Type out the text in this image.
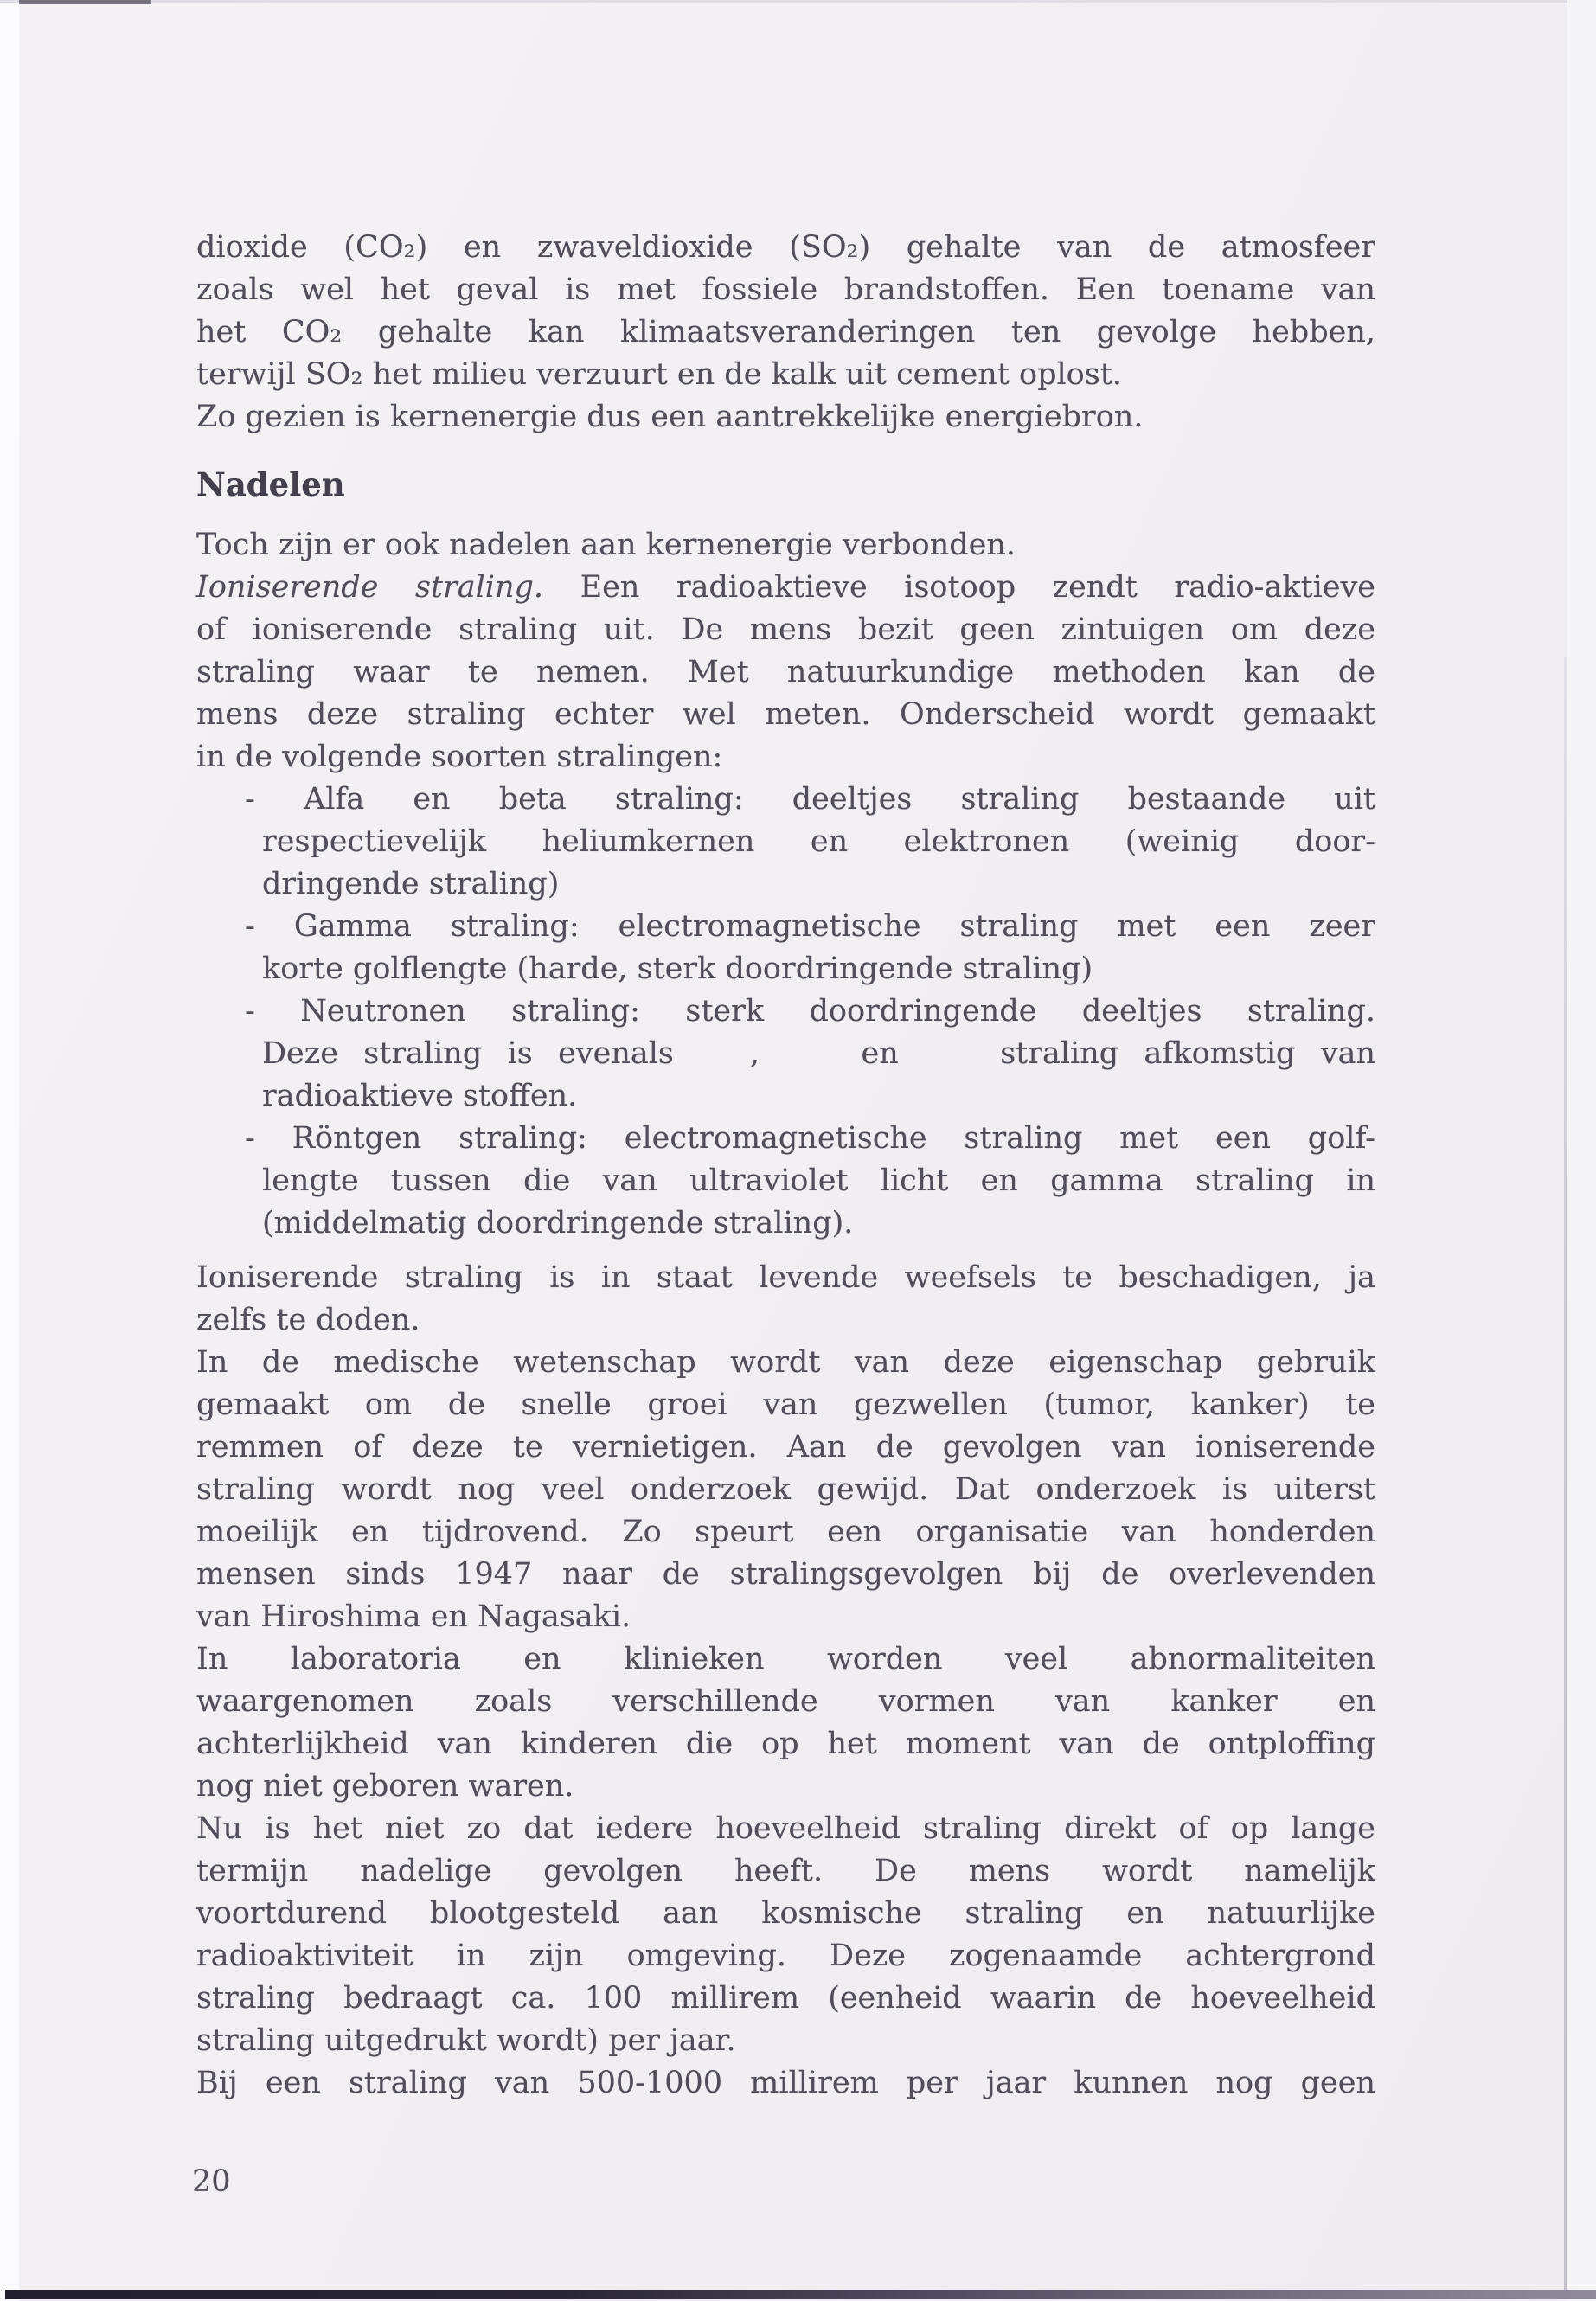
dioxide (CO₂) en zwaveldioxide (SO₂) gehalte van de atmosfeer
zoals wel het geval is met fossiele brandstoffen. Een toename van
het CO₂ gehalte kan klimaatsveranderingen ten gevolge hebben,
terwijl SO₂ het milieu verzuurt en de kalk uit cement oplost.
Zo gezien is kernenergie dus een aantrekkelijke energiebron.
Nadelen
Toch zijn er ook nadelen aan kernenergie verbonden.
Ioniserende straling. Een radioaktieve isotoop zendt radio-aktieve
of ioniserende straling uit. De mens bezit geen zintuigen om deze
straling waar te nemen. Met natuurkundige methoden kan de
mens deze straling echter wel meten. Onderscheid wordt gemaakt
in de volgende soorten stralingen:
- Alfa en beta straling: deeltjes straling bestaande uit
respectievelijk heliumkernen en elektronen (weinig door-
dringende straling)
- Gamma straling: electromagnetische straling met een zeer
korte golflengte (harde, sterk doordringende straling)
- Neutronen straling: sterk doordringende deeltjes straling.
Deze straling is evenals   ,    en    straling afkomstig van
radioaktieve stoffen.
- Röntgen straling: electromagnetische straling met een golf-
lengte tussen die van ultraviolet licht en gamma straling in
(middelmatig doordringende straling).
Ioniserende straling is in staat levende weefsels te beschadigen, ja
zelfs te doden.
In de medische wetenschap wordt van deze eigenschap gebruik
gemaakt om de snelle groei van gezwellen (tumor, kanker) te
remmen of deze te vernietigen. Aan de gevolgen van ioniserende
straling wordt nog veel onderzoek gewijd. Dat onderzoek is uiterst
moeilijk en tijdrovend. Zo speurt een organisatie van honderden
mensen sinds 1947 naar de stralingsgevolgen bij de overlevenden
van Hiroshima en Nagasaki.
In laboratoria en klinieken worden veel abnormaliteiten
waargenomen zoals verschillende vormen van kanker en
achterlijkheid van kinderen die op het moment van de ontploffing
nog niet geboren waren.
Nu is het niet zo dat iedere hoeveelheid straling direkt of op lange
termijn nadelige gevolgen heeft. De mens wordt namelijk
voortdurend blootgesteld aan kosmische straling en natuurlijke
radioaktiviteit in zijn omgeving. Deze zogenaamde achtergrond
straling bedraagt ca. 100 millirem (eenheid waarin de hoeveelheid
straling uitgedrukt wordt) per jaar.
Bij een straling van 500-1000 millirem per jaar kunnen nog geen
20
